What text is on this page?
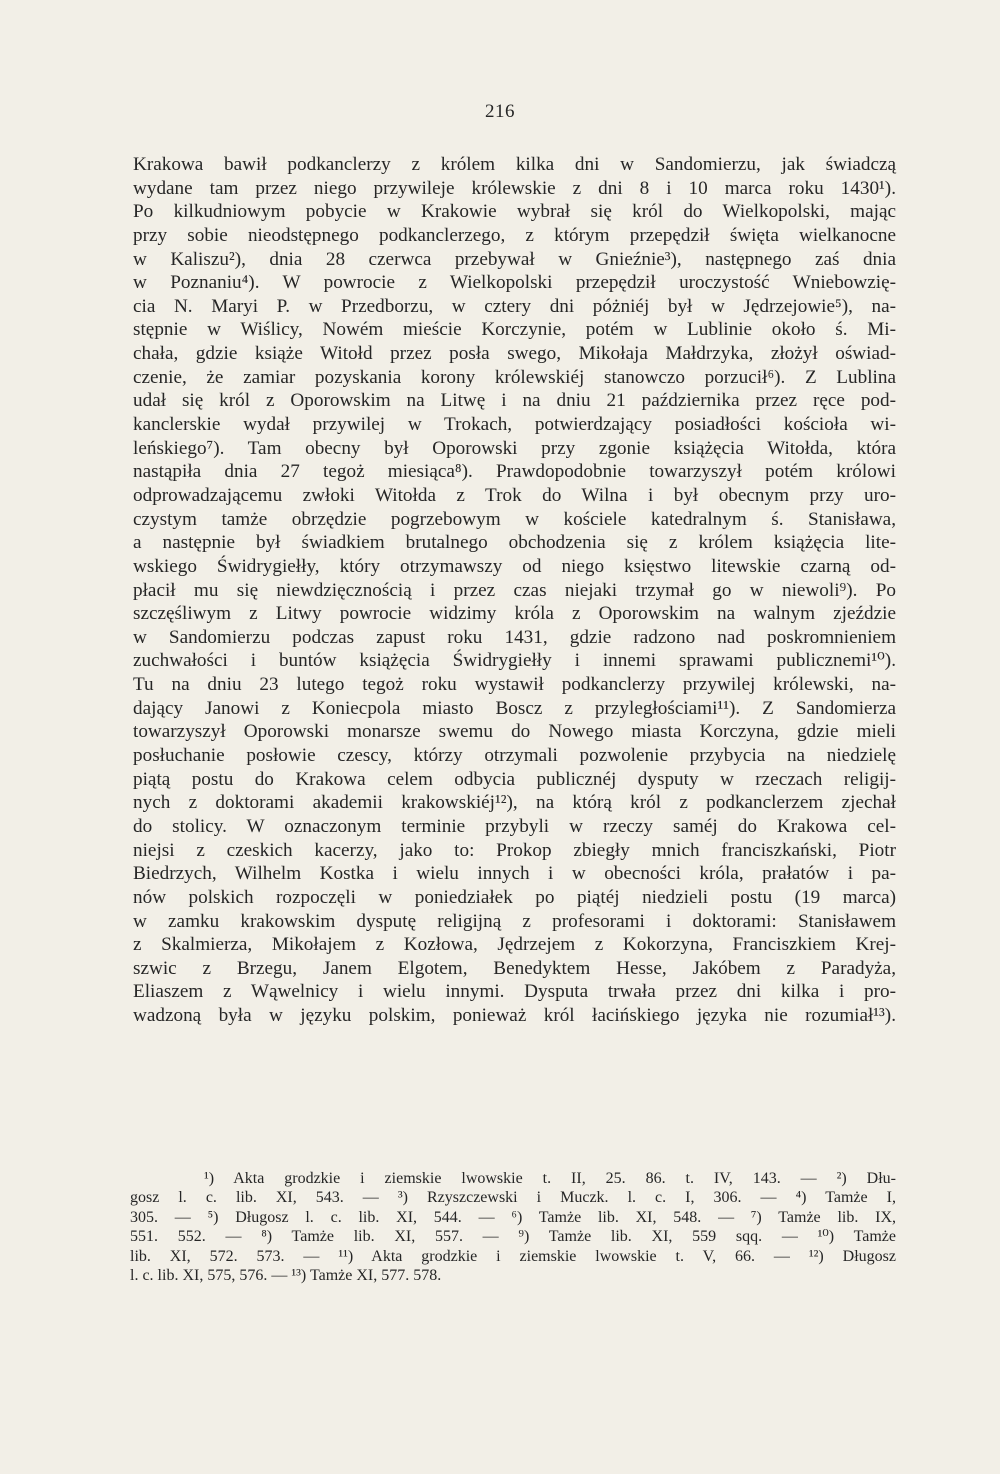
216
Krakowa bawił podkanclerzy z królem kilka dni w Sandomierzu, jak świadczą
wydane tam przez niego przywileje królewskie z dni 8 i 10 marca roku 1430¹).
Po kilkudniowym pobycie w Krakowie wybrał się król do Wielkopolski, mając
przy sobie nieodstępnego podkanclerzego, z którym przepędził święta wielkanocne
w Kaliszu²), dnia 28 czerwca przebywał w Gnieźnie³), następnego zaś dnia
w Poznaniu⁴). W powrocie z Wielkopolski przepędził uroczystość Wniebowzię-
cia N. Maryi P. w Przedborzu, w cztery dni póżniéj był w Jędrzejowie⁵), na-
stępnie w Wiślicy, Nowém mieście Korczynie, potém w Lublinie około ś. Mi-
chała, gdzie książe Witołd przez posła swego, Mikołaja Małdrzyka, złożył oświad-
czenie, że zamiar pozyskania korony królewskiéj stanowczo porzucił⁶). Z Lublina
udał się król z Oporowskim na Litwę i na dniu 21 października przez ręce pod-
kanclerskie wydał przywilej w Trokach, potwierdzający posiadłości kościoła wi-
leńskiego⁷). Tam obecny był Oporowski przy zgonie książęcia Witołda, która
nastąpiła dnia 27 tegoż miesiąca⁸). Prawdopodobnie towarzyszył potém królowi
odprowadzającemu zwłoki Witołda z Trok do Wilna i był obecnym przy uro-
czystym tamże obrzędzie pogrzebowym w kościele katedralnym ś. Stanisława,
a następnie był świadkiem brutalnego obchodzenia się z królem książęcia lite-
wskiego Świdrygiełły, który otrzymawszy od niego księstwo litewskie czarną od-
płacił mu się niewdzięcznością i przez czas niejaki trzymał go w niewoli⁹). Po
szczęśliwym z Litwy powrocie widzimy króla z Oporowskim na walnym zjeździe
w Sandomierzu podczas zapust roku 1431, gdzie radzono nad poskromnieniem
zuchwałości i buntów książęcia Świdrygiełły i innemi sprawami publicznemi¹⁰).
Tu na dniu 23 lutego tegoż roku wystawił podkanclerzy przywilej królewski, na-
dający Janowi z Koniecpola miasto Boscz z przyległościami¹¹). Z Sandomierza
towarzyszył Oporowski monarsze swemu do Nowego miasta Korczyna, gdzie mieli
posłuchanie posłowie czescy, którzy otrzymali pozwolenie przybycia na niedzielę
piątą postu do Krakowa celem odbycia publicznéj dysputy w rzeczach religij-
nych z doktorami akademii krakowskiéj¹²), na którą król z podkanclerzem zjechał
do stolicy. W oznaczonym terminie przybyli w rzeczy saméj do Krakowa cel-
niejsi z czeskich kacerzy, jako to: Prokop zbiegły mnich franciszkański, Piotr
Biedrzych, Wilhelm Kostka i wielu innych i w obecności króla, prałatów i pa-
nów polskich rozpoczęli w poniedziałek po piątéj niedzieli postu (19 marca)
w zamku krakowskim dysputę religijną z profesorami i doktorami: Stanisławem
z Skalmierza, Mikołajem z Kozłowa, Jędrzejem z Kokorzyna, Franciszkiem Krej-
szwic z Brzegu, Janem Elgotem, Benedyktem Hesse, Jakóbem z Paradyża,
Eliaszem z Wąwelnicy i wielu innymi. Dysputa trwała przez dni kilka i pro-
wadzoną była w języku polskim, ponieważ król łacińskiego języka nie rozumiał¹³).
¹) Akta grodzkie i ziemskie lwowskie t. II, 25. 86. t. IV, 143. — ²) Dłu-
gosz l. c. lib. XI, 543. — ³) Rzyszczewski i Muczk. l. c. I, 306. — ⁴) Tamże I,
305. — ⁵) Długosz l. c. lib. XI, 544. — ⁶) Tamże lib. XI, 548. — ⁷) Tamże lib. IX,
551. 552. — ⁸) Tamże lib. XI, 557. — ⁹) Tamże lib. XI, 559 sqq. — ¹⁰) Tamże
lib. XI, 572. 573. — ¹¹) Akta grodzkie i ziemskie lwowskie t. V, 66. — ¹²) Długosz
l. c. lib. XI, 575, 576. — ¹³) Tamże XI, 577. 578.
